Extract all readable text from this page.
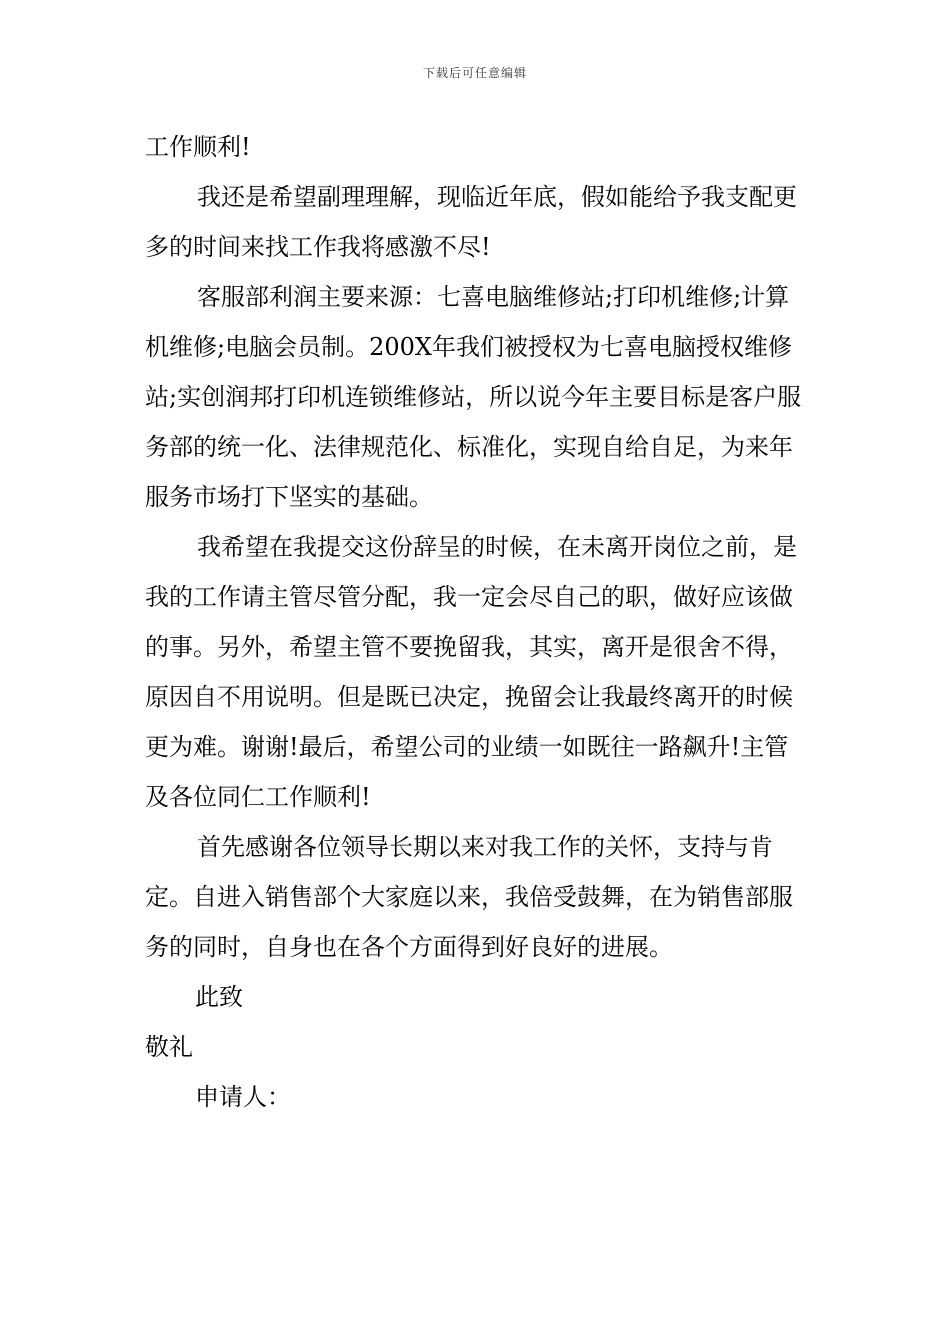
下载后可任意编辑

工作顺利!

我还是希望副理理解，现临近年底，假如能给予我支配更多的时间来找工作我将感激不尽!

客服部利润主要来源：七喜电脑维修站;打印机维修;计算机维修;电脑会员制。200X年我们被授权为七喜电脑授权维修站;实创润邦打印机连锁维修站，所以说今年主要目标是客户服务部的统一化、法律规范化、标准化，实现自给自足，为来年服务市场打下坚实的基础。

我希望在我提交这份辞呈的时候，在未离开岗位之前，是我的工作请主管尽管分配，我一定会尽自己的职，做好应该做的事。另外，希望主管不要挽留我，其实，离开是很舍不得，原因自不用说明。但是既已决定，挽留会让我最终离开的时候更为难。谢谢!最后，希望公司的业绩一如既往一路飙升!主管及各位同仁工作顺利!

首先感谢各位领导长期以来对我工作的关怀，支持与肯定。自进入销售部个大家庭以来，我倍受鼓舞，在为销售部服务的同时，自身也在各个方面得到好良好的进展。

此致

敬礼

申请人：
